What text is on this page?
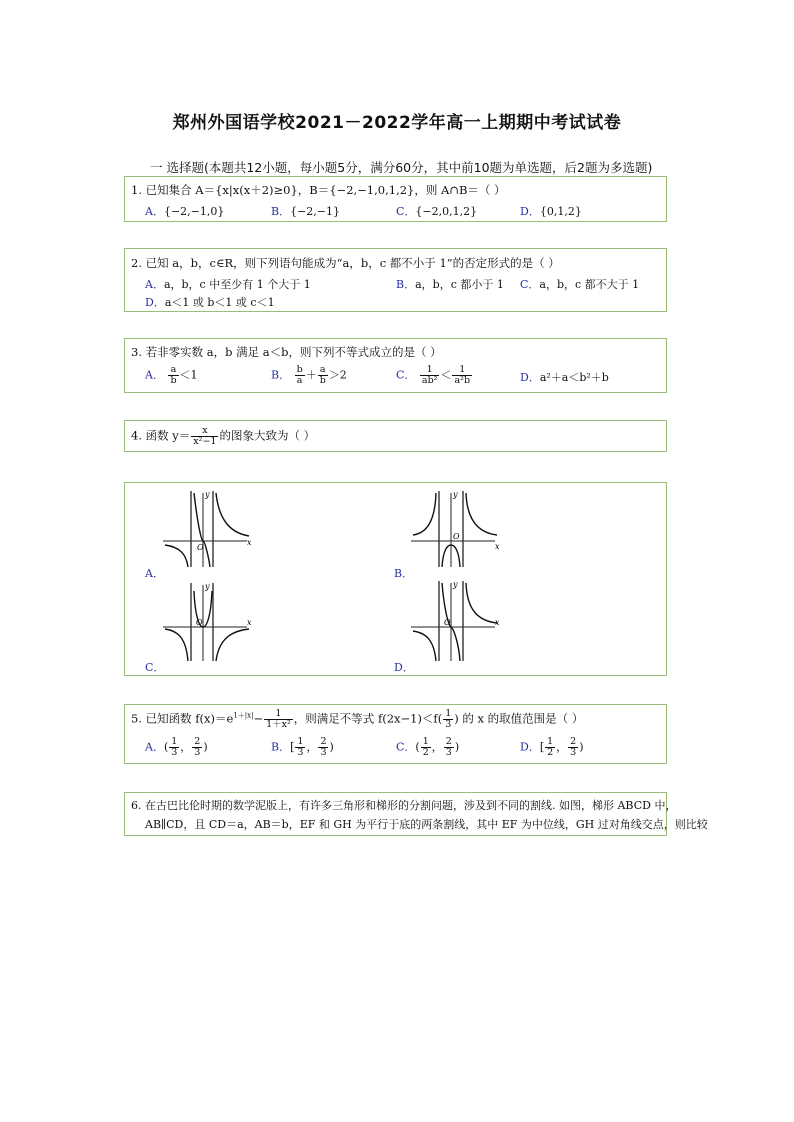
郑州外国语学校2021－2022学年高一上期期中考试试卷
一 选择题(本题共12小题，每小题5分，满分60分，其中前10题为单选题，后2题为多选题)
1. 已知集合 A＝{x|x(x＋2)≥0}，B＝{−2,−1,0,1,2}，则 A∩B＝（ ）
A．{−2,−1,0}	B．{−2,−1}	C．{−2,0,1,2}	D．{0,1,2}
2. 已知 a，b，c∈R，则下列语句能成为“a，b，c 都不小于 1”的否定形式的是（ ）
A．a，b，c 中至少有 1 个大于 1	B．a，b，c 都小于 1 C．a，b，c 都不大于 1
D．a＜1 或 b＜1 或 c＜1
3. 若非零实数 a，b 满足 a＜b，则下列不等式成立的是（ ）
A． $\frac{a}{b} <1$	B． $\frac{b}{a} + \frac{a}{b} >2$	C． $\frac{1}{\text{ab²}} < \frac{1}{\text{a²b}}$	D．a²＋a＜b²＋b
4. 函数 $y= \frac{x}{\text{x²−1}}$ 的图象大致为（ ）
y
x
O
A．
y
x
O
B．
y
x
O
C．
y
x
O
D．
5. 已知函数 $f(x)=e^{1+|x|}- \frac{1}{\text{1＋x²}}$ ，则满足不等式 $f(2x-1)<f( \frac{1}{3}$ ) 的 x 的取值范围是（ ）
A．( $\frac{1}{3}$ ， $\frac{2}{3}$ )	B．[ $\frac{1}{3}$ ， $\frac{2}{3}$ )	C．( $\frac{1}{2}$ ， $\frac{2}{3}$ )	D．[ $\frac{1}{2}$ ， $\frac{2}{3}$ )
6. 在古巴比伦时期的数学泥版上，有许多三角形和梯形的分割问题，涉及到不同的割线. 如图，梯形 ABCD 中，
AB∥CD，且 CD＝a，AB＝b，EF 和 GH 为平行于底的两条割线，其中 EF 为中位线，GH 过对角线交点，则比较
